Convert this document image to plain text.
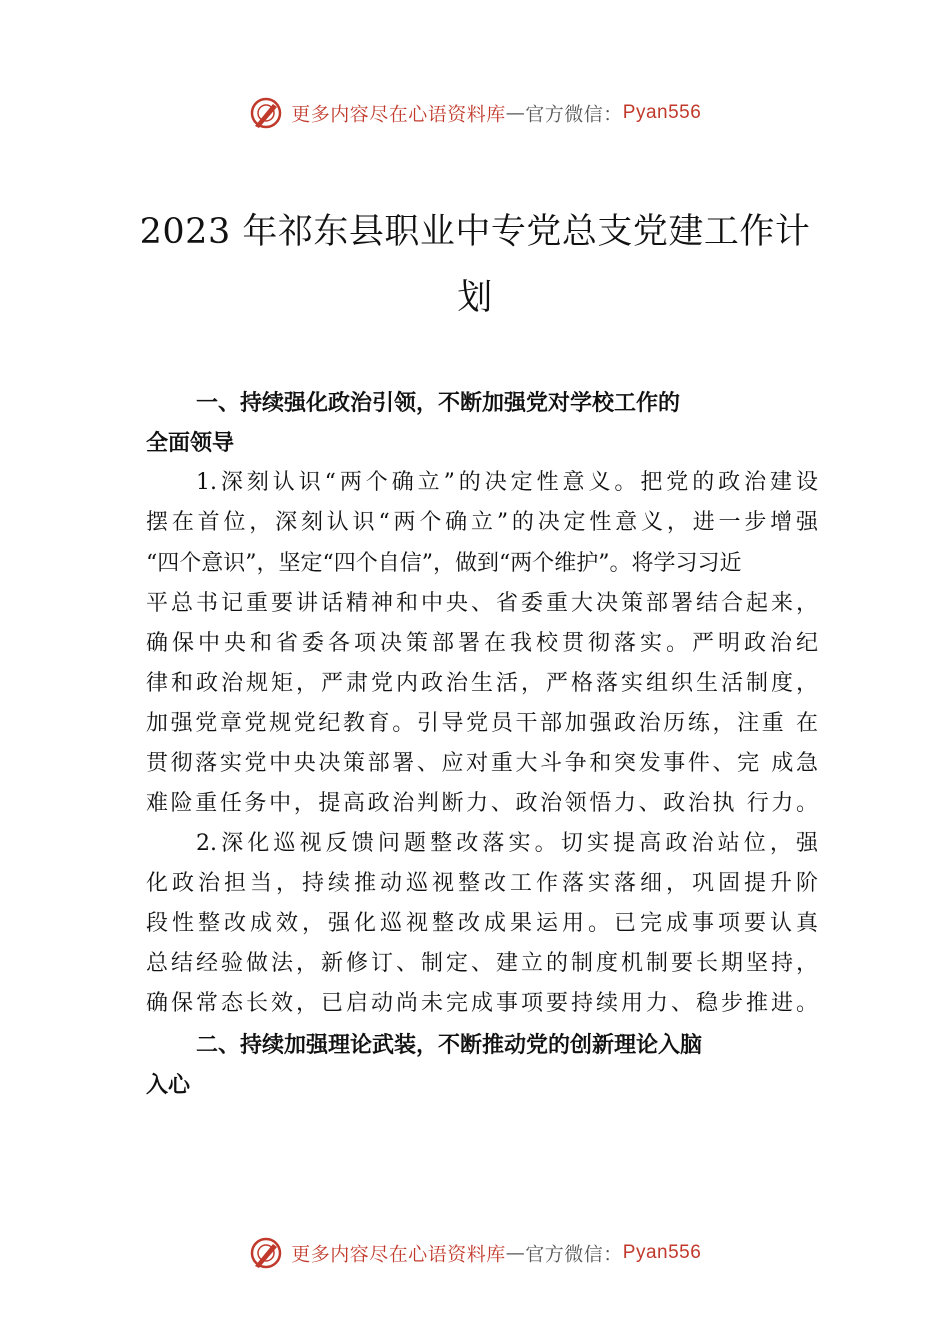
更多内容尽在心语资料库—官方微信：Pyan556
2023 年祁东县职业中专党总支党建工作计
划
一、持续强化政治引领，不断加强党对学校工作的
全面领导
1.深刻认识“两个确立”的决定性意义。把党的政治建设
摆在首位，深刻认识“两个确立”的决定性意义，进一步增强
“四个意识”，坚定“四个自信”，做到“两个维护”。将学习习近
平总书记重要讲话精神和中央、省委重大决策部署结合起来，
确保中央和省委各项决策部署在我校贯彻落实。严明政治纪
律和政治规矩，严肃党内政治生活，严格落实组织生活制度，
加强党章党规党纪教育。引导党员干部加强政治历练，注重 在
贯彻落实党中央决策部署、应对重大斗争和突发事件、完 成急
难险重任务中，提高政治判断力、政治领悟力、政治执 行力。
2.深化巡视反馈问题整改落实。切实提高政治站位，强
化政治担当，持续推动巡视整改工作落实落细，巩固提升阶
段性整改成效，强化巡视整改成果运用。已完成事项要认真
总结经验做法，新修订、制定、建立的制度机制要长期坚持，
确保常态长效，已启动尚未完成事项要持续用力、稳步推进。
二、持续加强理论武装，不断推动党的创新理论入脑
入心
更多内容尽在心语资料库—官方微信：Pyan556
